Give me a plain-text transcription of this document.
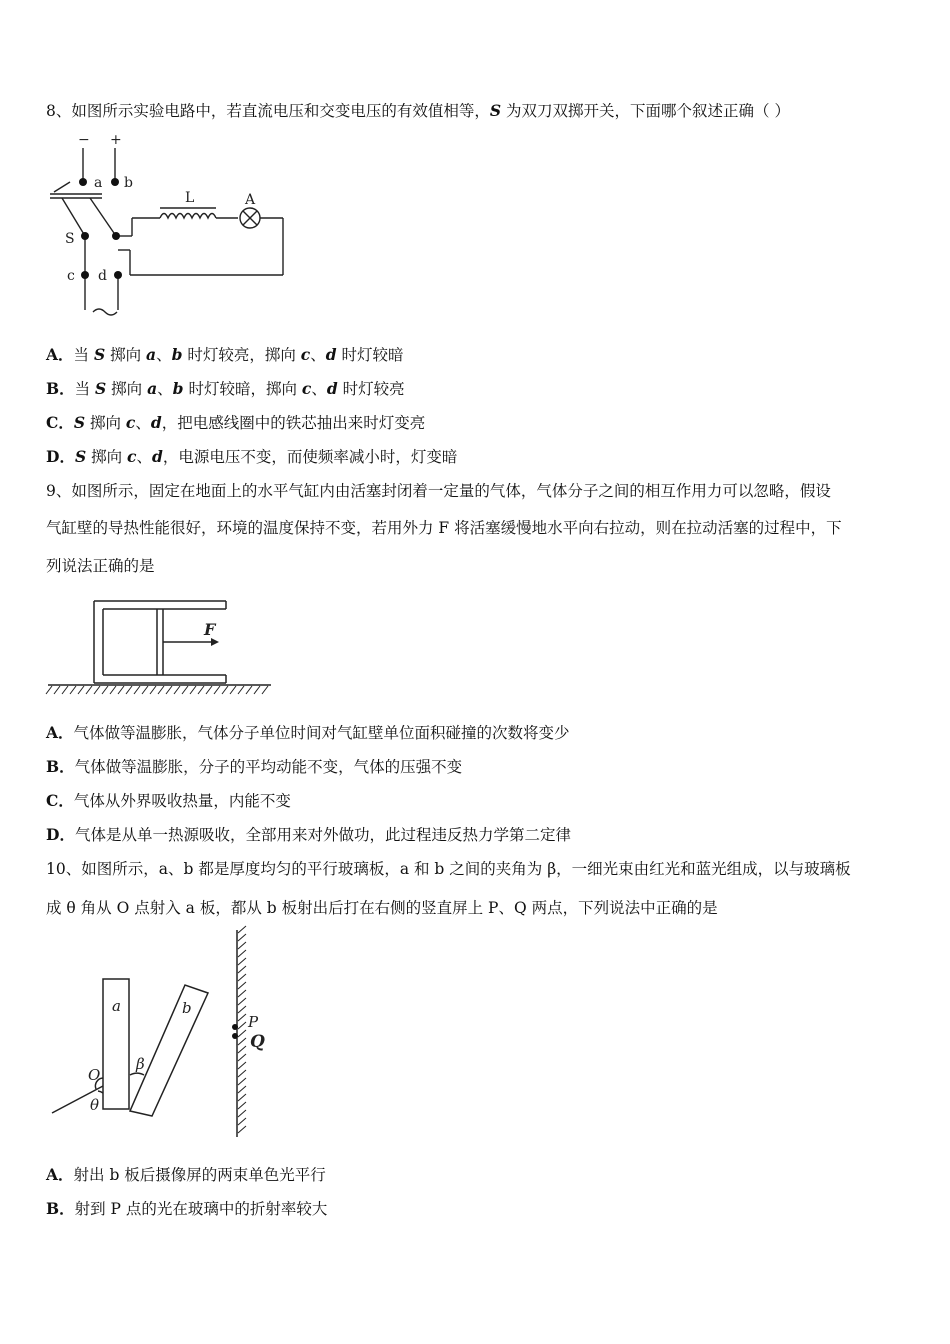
8、如图所示实验电路中，若直流电压和交变电压的有效值相等，S 为双刀双掷开关，下面哪个叙述正确（ ）
− +
a b
L	A
S
c d
A．当 S 掷向 a、b 时灯较亮，掷向 c、d 时灯较暗
B．当 S 掷向 a、b 时灯较暗，掷向 c、d 时灯较亮
C．S 掷向 c、d，把电感线圈中的铁芯抽出来时灯变亮
D．S 掷向 c、d，电源电压不变，而使频率减小时，灯变暗
9、如图所示，固定在地面上的水平气缸内由活塞封闭着一定量的气体，气体分子之间的相互作用力可以忽略，假设
气缸壁的导热性能很好，环境的温度保持不变，若用外力 F 将活塞缓慢地水平向右拉动，则在拉动活塞的过程中，下
列说法正确的是
F
A．气体做等温膨胀，气体分子单位时间对气缸壁单位面积碰撞的次数将变少
B．气体做等温膨胀，分子的平均动能不变，气体的压强不变
C．气体从外界吸收热量，内能不变
D．气体是从单一热源吸收，全部用来对外做功，此过程违反热力学第二定律
10、如图所示，a、b 都是厚度均匀的平行玻璃板，a 和 b 之间的夹角为 β，一细光束由红光和蓝光组成，以与玻璃板
成 θ 角从 O 点射入 a 板，都从 b 板射出后打在右侧的竖直屏上 P、Q 两点，下列说法中正确的是
a	b
P
Q
O
β
θ
A．射出 b 板后摄像屏的两束单色光平行
B．射到 P 点的光在玻璃中的折射率较大
